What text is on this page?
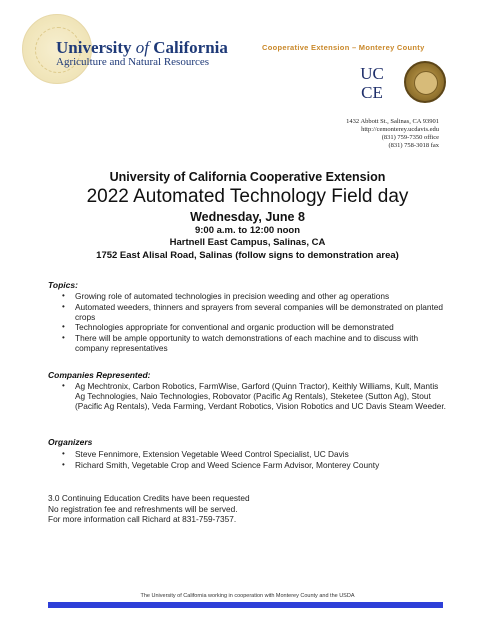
University of California
Agriculture and Natural Resources
Cooperative Extension – Monterey County
UC
CE
1432 Abbott St., Salinas, CA 93901
http://cemonterey.ucdavis.edu
(831) 759-7350 office
(831) 758-3018 fax
University of California Cooperative Extension
2022 Automated Technology Field day
Wednesday, June 8
9:00 a.m. to 12:00 noon
Hartnell East Campus, Salinas, CA
1752 East Alisal Road, Salinas (follow signs to demonstration area)
Topics:
• Growing role of automated technologies in precision weeding and other ag operations
• Automated weeders, thinners and sprayers from several companies will be demonstrated on planted crops
• Technologies appropriate for conventional and organic production will be demonstrated
• There will be ample opportunity to watch demonstrations of each machine and to discuss with company representatives
Companies Represented:
• Ag Mechtronix, Carbon Robotics, FarmWise, Garford (Quinn Tractor), Keithly Williams, Kult, Mantis Ag Technologies, Naio Technologies, Robovator (Pacific Ag Rentals), Steketee (Sutton Ag), Stout (Pacific Ag Rentals), Veda Farming, Verdant Robotics, Vision Robotics and UC Davis Steam Weeder.
Organizers
• Steve Fennimore, Extension Vegetable Weed Control Specialist, UC Davis
• Richard Smith, Vegetable Crop and Weed Science Farm Advisor, Monterey County
3.0 Continuing Education Credits have been requested
No registration fee and refreshments will be served.
For more information call Richard at 831-759-7357.
The University of California working in cooperation with Monterey County and the USDA
